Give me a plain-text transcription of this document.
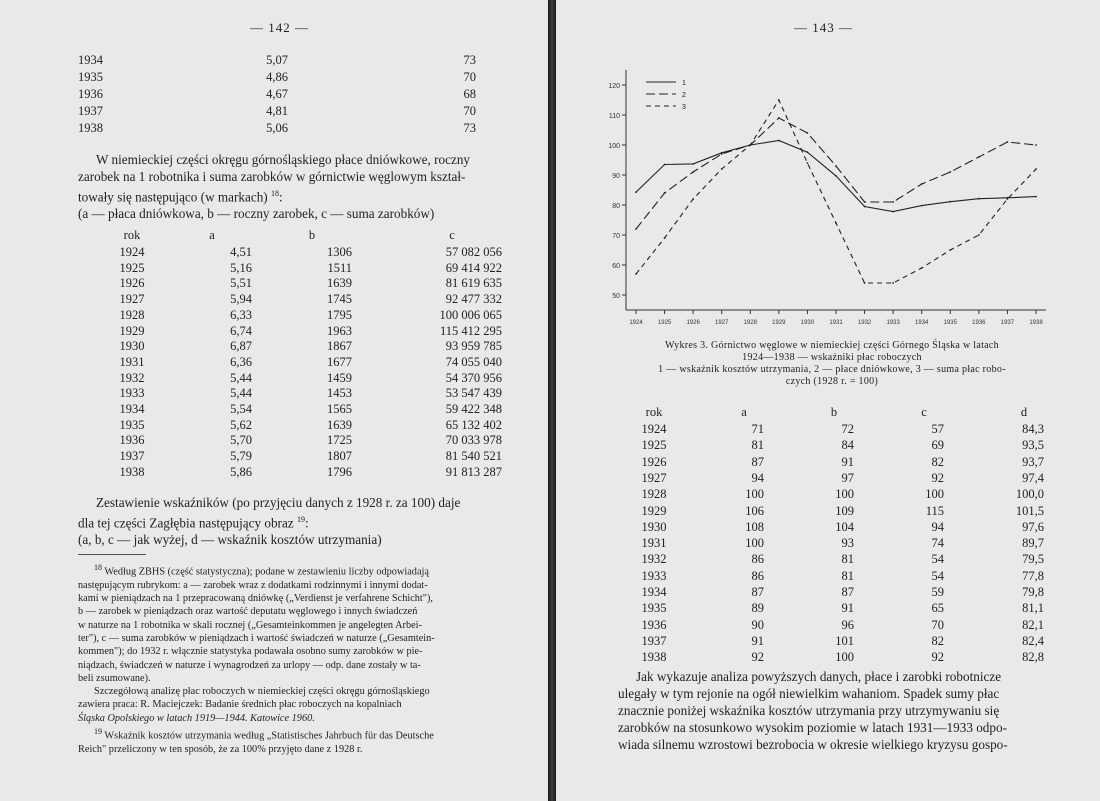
— 142 —
1934	5,07	73
1935	4,86	70
1936	4,67	68
1937	4,81	70
1938	5,06	73

W niemieckiej części okręgu górnośląskiego płace dniówkowe, roczny

zarobek na 1 robotnika i suma zarobków w górnictwie węglowym kształ-

towały się następująco (w markach) $^{18}$:

(a — płaca dniówkowa, b — roczny zarobek, c — suma zarobków)

rok	a	b	c
1924	4,51	1306	57 082 056
1925	5,16	1511	69 414 922
1926	5,51	1639	81 619 635
1927	5,94	1745	92 477 332
1928	6,33	1795	100 006 065
1929	6,74	1963	115 412 295
1930	6,87	1867	93 959 785
1931	6,36	1677	74 055 040
1932	5,44	1459	54 370 956
1933	5,44	1453	53 547 439
1934	5,54	1565	59 422 348
1935	5,62	1639	65 132 402
1936	5,70	1725	70 033 978
1937	5,79	1807	81 540 521
1938	5,86	1796	91 813 287

Zestawienie wskaźników (po przyjęciu danych z 1928 r. za 100) daje

dla tej części Zagłębia następujący obraz $^{19}$:

(a, b, c — jak wyżej, d — wskaźnik kosztów utrzymania)

$^{18}$ Według ZBHS (część statystyczna); podane w zestawieniu liczby odpowiadają

następującym rubrykom: a — zarobek wraz z dodatkami rodzinnymi i innymi dodat-

kami w pieniądzach na 1 przepracowaną dniówkę („Verdienst je verfahrene Schicht"),

b — zarobek w pieniądzach oraz wartość deputatu węglowego i innych świadczeń

w naturze na 1 robotnika w skali rocznej („Gesamteinkommen je angelegten Arbei-

ter"), c — suma zarobków w pieniądzach i wartość świadczeń w naturze („Gesamtein-

kommen"); do 1932 r. włącznie statystyka podawała osobno sumy zarobków w pie-

niądzach, świadczeń w naturze i wynagrodzeń za urlopy — odp. dane zostały w ta-

beli zsumowane).

Szczegółową analizę płac roboczych w niemieckiej części okręgu górnośląskiego

zawiera praca: R. Maciejczek: Badanie średnich płac roboczych na kopalniach

Śląska Opolskiego w latach 1919—1944. Katowice 1960.

$^{19}$ Wskaźnik kosztów utrzymania według „Statistisches Jahrbuch für das Deutsche

Reich" przeliczony w ten sposób, że za 100% przyjęto dane z 1928 r.

— 143 —
50
60
70
80
90
100
110
120
1924	1925	1926	1927	1928	1929	1930	1931	1932	1933	1934	1935	1936	1937	1938
1
2
3
Wykres 3. Górnictwo węglowe w niemieckiej części Górnego Śląska w latach
1924—1938 — wskaźniki płac roboczych
1 — wskaźnik kosztów utrzymania, 2 — płace dniówkowe, 3 — suma płac robo-
czych (1928 r. = 100)
rok	a	b	c	d
1924	71	72	57	84,3
1925	81	84	69	93,5
1926	87	91	82	93,7
1927	94	97	92	97,4
1928	100	100	100	100,0
1929	106	109	115	101,5
1930	108	104	94	97,6
1931	100	93	74	89,7
1932	86	81	54	79,5
1933	86	81	54	77,8
1934	87	87	59	79,8
1935	89	91	65	81,1
1936	90	96	70	82,1
1937	91	101	82	82,4
1938	92	100	92	82,8

Jak wykazuje analiza powyższych danych, płace i zarobki robotnicze

ulegały w tym rejonie na ogół niewielkim wahaniom. Spadek sumy płac

znacznie poniżej wskaźnika kosztów utrzymania przy utrzymywaniu się

zarobków na stosunkowo wysokim poziomie w latach 1931—1933 odpo-

wiada silnemu wzrostowi bezrobocia w okresie wielkiego kryzysu gospo-
